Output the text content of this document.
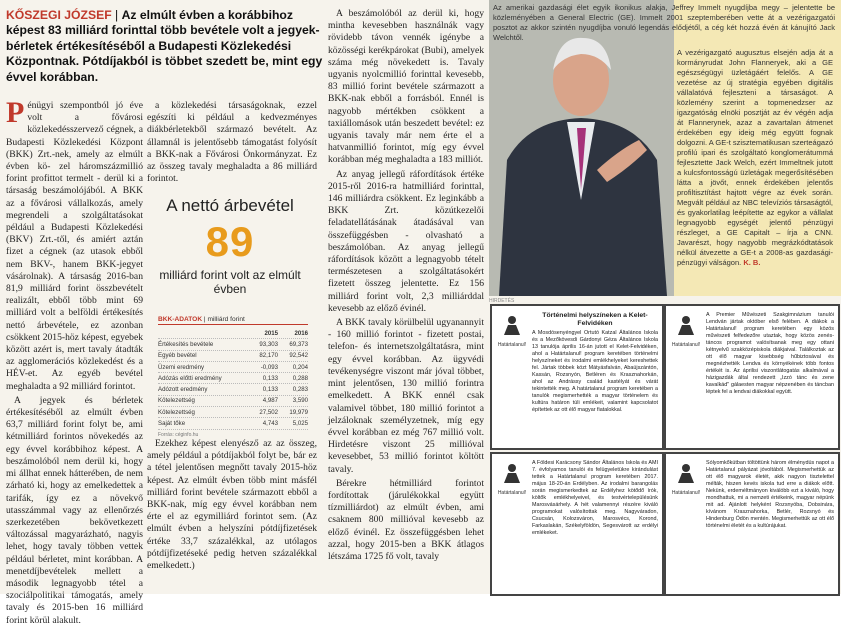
KŐSZEGI JÓZSEF | Az elmúlt évben a korábbihoz képest 83 milliárd forinttal több bevétele volt a jegyek-bérletek értékesítéséből a Budapesti Közlekedési Központnak. Pótdíjakból is többet szedett be, mint egy évvel korábban.

Pénügyi szempontból jó éve volt a fővárosi közlekedésszervező cégnek, a Budapesti Közlekedési Központ (BKK) Zrt.-nek, amely az elmúlt évben kö- zel háromszázmillió forint profittot termelt - derül ki a társaság beszámolójából. A BKK az a fővárosi vállalkozás, amely megrendeli a szolgáltatásokat például a Budapesti Közlekedési (BKV) Zrt.-től, és amiért aztán fizet a cégnek (az utasok ebből nem BKV-, hanem BKK-jegyet vásárolnak). A társaság 2016-ban 81,9 milliárd forint összbevételt realizált, ebből több mint 69 milliárd volt a belföldi értékesítés nettó árbevétele, ez azonban csökkent 2015-höz képest, egyebek között azért is, mert tavaly átadták az agglomerációs közlekedést és a HÉV-et. Az egyéb bevétel meghaladta a 92 milliárd forintot.

A jegyek és bérletek értékesítéséből az elmúlt évben 63,7 milliárd forint folyt be, ami kétmilliárd forintos növekedés az egy évvel korábbihoz képest. A beszámolóból nem derül ki, hogy mi állhat ennek hátterében, de nem zárható ki, hogy az emelkedettek a tarifák, így ez a növekvő utasszámmal vagy az ellenőrzés szerkezetében bekövetkezett változással magyarázható, nagyis lehet, hogy tavaly többen vettek például bérletet, mint korábban. A menetdíjbevételek mellett a második legnagyobb tétel a szociálpolitikai támogatás, amely tavaly és 2015-ben 16 milliárd forint körül alakult.

a közlekedési társaságoknak, ezzel egészíti ki például a kedvezményes diákbérletekből származó bevételt. Az államnál is jelentősebb támogatást folyósít a BKK-nak a Fővárosi Önkormányzat. Ez az összeg tavaly meghaladta a 86 milliárd forintot.

A nettó árbevétel

89

milliárd forint volt az elmúlt évben

BKK-ADATOK | milliárd forint
2015	2016
Értékesítés bevétele	93,303	69,373
Egyéb bevétel	82,170	92,542
Üzemi eredmény	-0,093	0,204
Adózás előtti eredmény	0,133	0,288
Adózott eredmény	0,133	0,283
Kötelezettség	4,987	3,590
Kötelezettség	27,502	19,979
Saját tőke	4,743	5,025
Forrás: céginfo.hu

Ezekhez képest elenyésző az az összeg, amely például a pótdíjakból folyt be, bár ez a tétel jelentősen megnőtt tavaly 2015-höz képest. Az elmúlt évben több mint másfél milliárd forint bevétele származott ebből a BKK-nak, míg egy évvel korábban nem érte el az egymilliárd forintot sem. (Az elmúlt évben a helyszíni pótdíjfizetések értéke 33,7 százalékkal, az utólagos pótdíjfizetéseké pedig hetven százalékkal emelkedett.)

A beszámolóból az derül ki, hogy mintha kevesebben használnák vagy rövidebb távon vennék igénybe a közösségi kerékpárokat (Bubi), amelyek száma még növekedett is. Tavaly ugyanis nyolcmillió forinttal kevesebb, 83 millió forint bevétele származott a BKK-nak ebből a forrásból. Ennél is nagyobb mértékben csökkent a taxiállomások után beszedett bevétel: ez ugyanis tavaly már nem érte el a hatvanmillió forintot, míg egy évvel korábban még meghaladta a 183 milliót.

Az anyag jellegű ráfordítások értéke 2015-ről 2016-ra hatmilliárd forinttal, 146 milliárdra csökkent. Ez leginkább a BKK Zrt. közútkezelői feladatellátásának átadásával van összefüggésben - olvasható a beszámolóban. Az anyag jellegű ráfordítások között a legnagyobb tételt természetesen a szolgáltatásokért fizetett összeg jelentette. Ez 156 milliárd forint volt, 2,3 milliárddal kevesebb az előző évinél.

A BKK tavaly körülbelül ugyanannyit - 160 millió forintot - fizetett postai, telefon- és internetszolgáltatásra, mint egy évvel korábban. Az ügyvédi tevékenységre viszont már jóval többet, mint jelentősen, 130 millió forintra emelkedett. A BKK ennél csak valamivel többet, 180 millió forintot a jelzáloknak személyzetnek, míg egy évvel korábban ez még 767 millió volt. Hirdetésre viszont 25 millióval kevesebbet, 53 millió forintot költött tavaly.

Bérekre hétmilliárd forintot fordítottak (járulékokkal együtt tízmilliárdot) az elmúlt évben, ami csaknem 800 millióval kevesebb az előző évinél. Ez összefüggésben lehet azzal, hogy 2015-ben a BKK átlagos létszáma 1725 fő volt, tavaly

Az amerikai gazdasági élet egyik ikonikus alakja, Jeffrey Immelt nyugdíjba megy – jelentette be közleményében a General Electric (GE). Immelt 2001 szeptemberében vette át a vezérigazgatói posztot az akkor szintén nyugdíjba vonuló legendás elődjétől, a cég két hozzá évén át kánujító Jack Welchtől.
A vezérigazgató augusztus elsején adja át a kormányrudat John Flanneryek, aki a GE egészségügyi üzletágáért felelős. A GE vezetése az új stratégia egyében digitális vállalatóvá fejleszteni a társaságot. A közlemény szerint a topmenedzser az igazgatóság elnöki posztját az év végén adja át Flannerynek, azaz a zavartalan átmenet érdekében egy ideig még együtt fognak dolgozni. A GE-t szisztematikusan szerteágazó profilú ipari és szolgáltató konglomerátummá fejlesztette Jack Welch, ezért Immeltnek jutott a kulcsfontosságú üzletágak megerősítésében látta a jövőt, ennek érdekében jelentős profiltisztítást hajtott végre az évek során. Megvált például az NBC televíziós társaságtól, és gyakorlatilag leépítette az egykor a vállalat legnagyobb egységét jelentő pénzügyi részleget, a GE Capitalt – írja a CNN. Javarészt, hogy nagyobb megrázkódtatások nélkül átvezette a GE-t a 2008-as gazdasági-pénzügyi válságon. K. B.
HIRDETÉS
Határtalanul!
Történelmi helyszíneken a Kelet-Felvidéken
A Mosdósenyéngyel Ortutó Katzal Általános Iskola és a Mezőkövesdi Gárdonyi Géza Általános Iskola 13 tanulója április 16-án jutott el Kelet-Felvidéken, ahol a Határtalanul! program keretében történelmi helyszíneket és irodalmi emlékhelyeket kereshettek fel. Jártak többek közt Mátyásfalván, Abaújszántón, Kassán, Rozsnyón, Betléren és Krasznahorkán, ahol az Andrássy család kastélyát és várát tekintették meg. A határtalanul program keretében a tanulók megismerhették a magyar történelem és kultúra határon túli emlékeit, valamint kapcsolatot építettek az ott élő magyar fiatalokkal.
Határtalanul!
A Premier Művészeti Szakgimnázium tanulói Lendván jártak október első felében. A diákok a Határtalanul! program keretében egy közös művészeti felfedezőre utaztak, hogy közös zenés-táncos programot valósítsanak meg egy ottani kétnyelvű szakközépiskola diákjaival. Találkoztak az ott élő magyar kisebbség hűbiztosával és megnézhették Lendva és környékének több fontos értékét is. Az áprilisi viszontlátogatás alkalmával a házigazdák által rendezett „Izzó tánc és zene kavalkád" gálaesten magyar népzenében és táncban léptek fel a lendvai diákokkal együtt.
Határtalanul!
A Földesi Karácsony Sándor Általános Iskola és AMI 7. évfolyamos tanulói és felügyeletükre kirándulást tettek a Határtalanul program keretében 2017. május 18-20-án Erdélyben. Az irodalmi barangolás során megismerkedtek az Erdélyhez kötődő írók, költők emlékhelyeivel, és testvértelepülésünk Marosvásárhely. A hét valamennyi részére kiváló programokat valósítottak meg. Nagyváradon, Csucsán, Kolozsváron, Marosvécs, Korond, Farkaslakán, Székelyföldön, Segesvárott az erdélyi emlékeket.
Határtalanul!
Sólyomkőkútban töltöttünk három élménydús napot a Határtalanul pályázat jóvoltából. Megismerhettük az ott élő magyarok életét, akik nagyon tisztelettel mélták, hiszen kevés iskola tud erre a diákok előtt. Nekünk, erdeméltmányon kiválóbb ezt a kiváló, hogy mondhattuk, mi a nemzeti értékeink, magyar népünk mit ad. Ajánlott helyként Rozsnyóba, Dobsinára, kívánom Krasznahorka, Betlér, Rozsnyó és Hindenburg Ödön mentén. Megismerhettük az ott élő történelmi életét és a kultúrájukat.
